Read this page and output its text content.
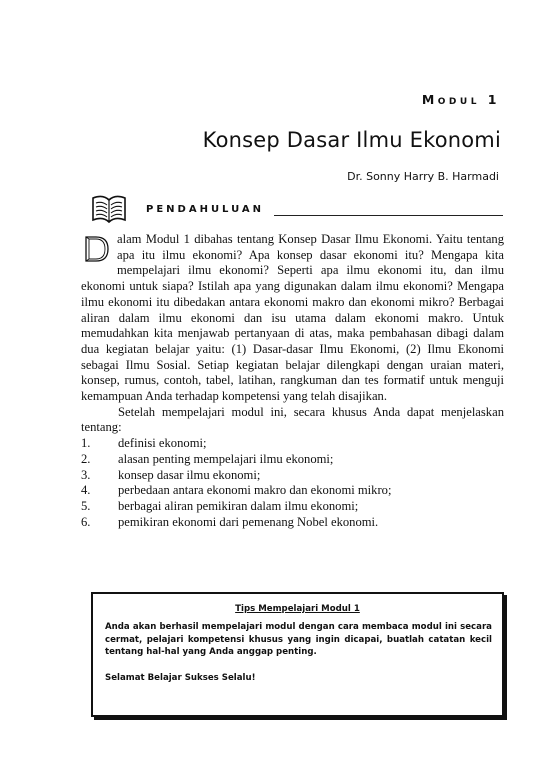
Modul 1
Konsep Dasar Ilmu Ekonomi
Dr. Sonny Harry B. Harmadi
PENDAHULUAN

alam Modul 1 dibahas tentang Konsep Dasar Ilmu Ekonomi. Yaitu tentang apa itu ilmu ekonomi? Apa konsep dasar ekonomi itu? Mengapa kita mempelajari ilmu ekonomi? Seperti apa ilmu ekonomi itu, dan ilmu ekonomi untuk siapa? Istilah apa yang digunakan dalam ilmu ekonomi? Mengapa ilmu ekonomi itu dibedakan antara ekonomi makro dan ekonomi mikro? Berbagai aliran dalam ilmu ekonomi dan isu utama dalam ekonomi makro. Untuk memudahkan kita menjawab pertanyaan di atas, maka pembahasan dibagi dalam dua kegiatan belajar yaitu: (1) Dasar-dasar Ilmu Ekonomi, (2) Ilmu Ekonomi sebagai Ilmu Sosial. Setiap kegiatan belajar dilengkapi dengan uraian materi, konsep, rumus, contoh, tabel, latihan, rangkuman dan tes formatif untuk menguji kemampuan Anda terhadap kompetensi yang telah disajikan.

Setelah mempelajari modul ini, secara khusus Anda dapat menjelaskan tentang:

1. definisi ekonomi;
2. alasan penting mempelajari ilmu ekonomi;
3. konsep dasar ilmu ekonomi;
4. perbedaan antara ekonomi makro dan ekonomi mikro;
5. berbagai aliran pemikiran dalam ilmu ekonomi;
6. pemikiran ekonomi dari pemenang Nobel ekonomi.
Tips Mempelajari Modul 1
Anda akan berhasil mempelajari modul dengan cara membaca modul ini secara cermat, pelajari kompetensi khusus yang ingin dicapai, buatlah catatan kecil tentang hal-hal yang Anda anggap penting.
Selamat Belajar Sukses Selalu!
